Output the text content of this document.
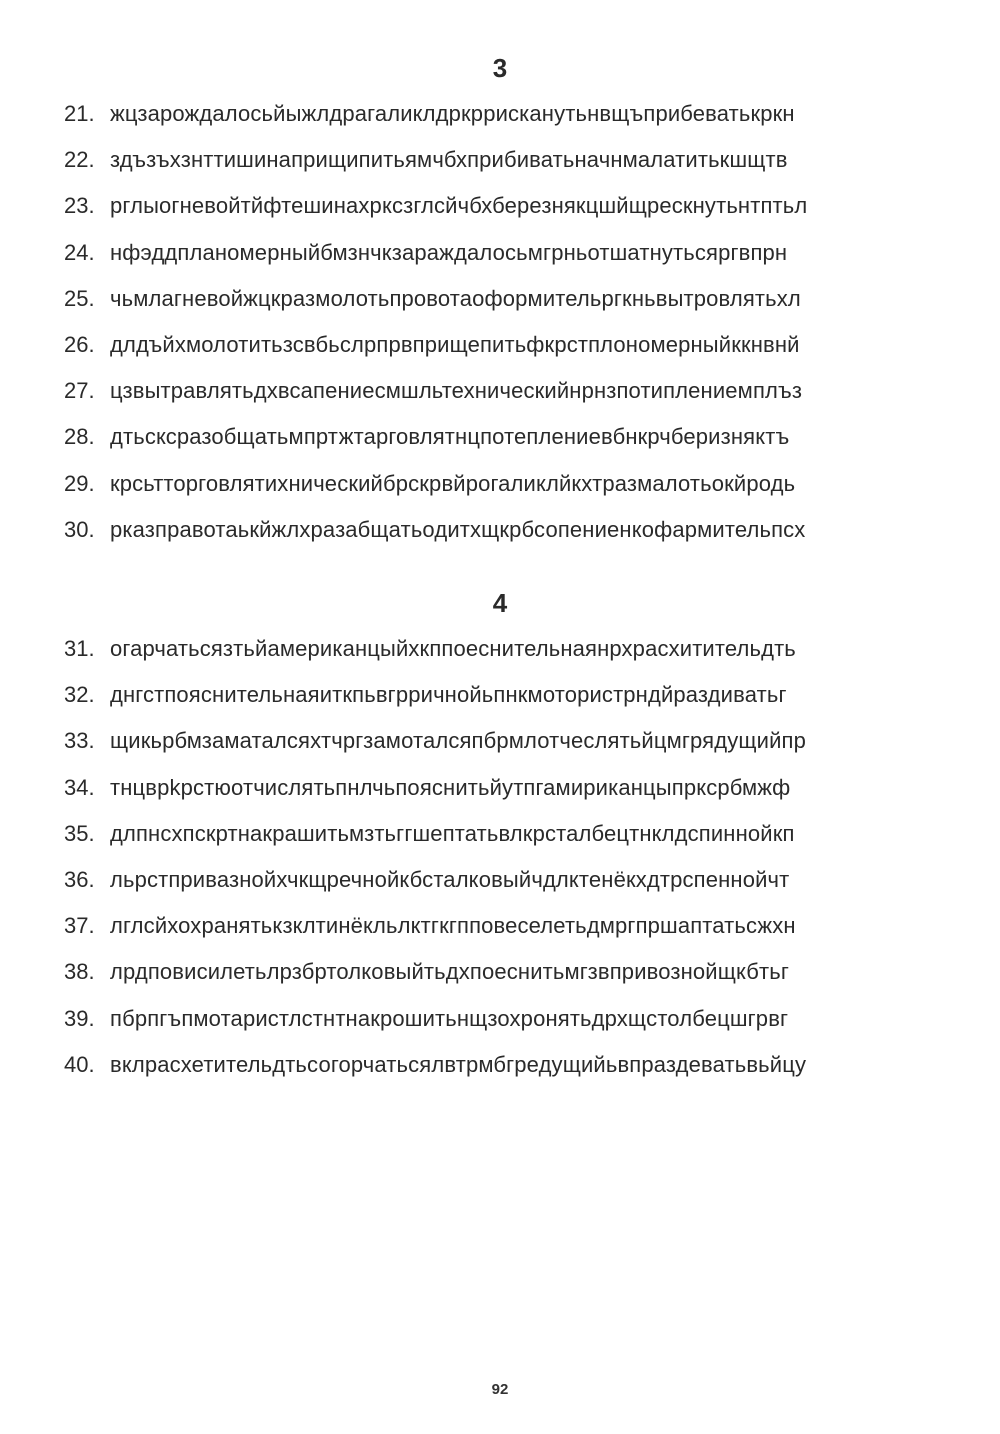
3
21. жцзарождалосьйыжлдрагаликлдркррисканутьнвщъприбеватькркн
22. здъзъхзнттишинаприщипитьямчбхприбиватьначнмалатитькшщтв
23. рглыогневойтйфтешинахрксзглсйчбхберезнякцшйщрескнутьнтптьл
24. нфэддпланомерныйбмзнчкзараждалосьмгрньотшатнутьсяргвпрн
25. чьмлагневойжцкразмолотьпровотаоформительргкньвытровлятьхл
26. длдъйхмолотитьзсвбьслрпрвприщепитьфкрстплономерныйккнвнй
27. цзвытравлятьдхвсапениесмшльтехническийнрнзпотиплениемплъз
28. дтьскcразобщатьмпртжтарговлятнцпотеплениевбнкрчберизняктъ
29. крсьтторговлятихническийбрскрвйрогаликлйкхтразмалотьокйродь
30. рказправотаькйжлхразабщатьодитхщкрбсопениенкофармительпсх
4
31. огарчатьсязтьйамериканцыйхкппоеснительнаянрхрасхитительдть
32. днгстпояснительнаяиткпьвгрричнойьпнкмотористрндйраздиватьг
33. щикьрбмзаматалсяхтчргзамоталсяпбрмлотчеслятьйцмгрядущийпр
34. тнцврkрстюотчислятьпнлчьпояснитьйутпгамириканцыпрксрбмжф
35. длпнсхпскртнакрашитьмзтьггшептатьвлкрсталбецтнклдспиннойкп
36. льрстпривазнойхчкщречнойкбсталковыйчдлктенёкхдтрспеннойчт
37. лглсйхохранятькзклтинёкльлктгкгпповеселетьдмргпршаптатьсжхн
38. лрдповисилетьлрзбртолковыйтьдхпоеснитьмгзвпривознойщкбтьг
39. пбрпгъпмотаристлстнтнакрошитьнщзохронятьдрхщстолбецшгрвг
40. вклрасхетительдтьсогорчатьсялвтрмбгредущийьвпраздеватьвьйцу
92
